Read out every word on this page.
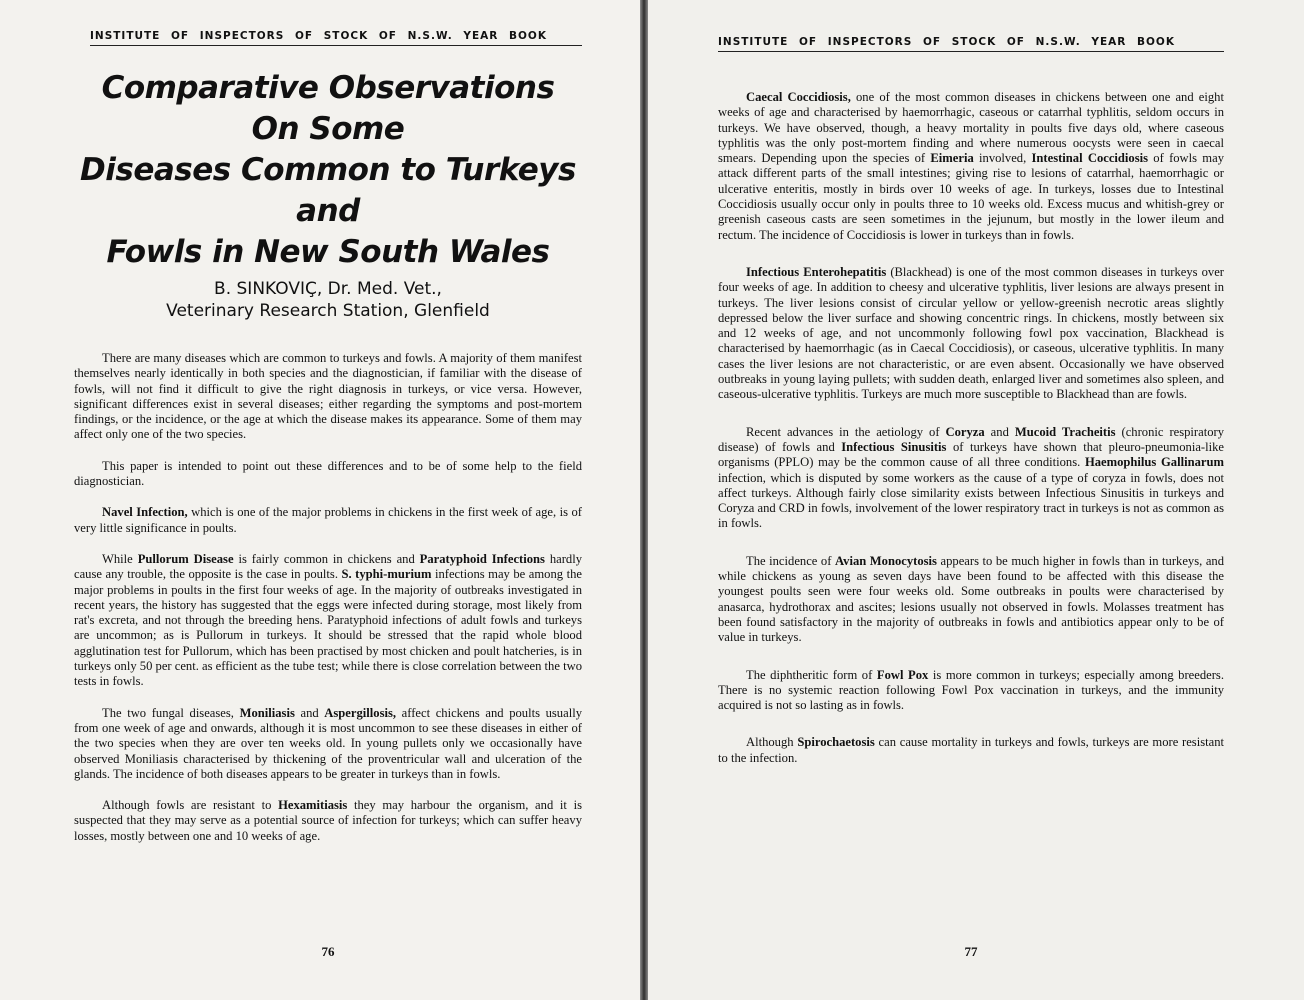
INSTITUTE OF INSPECTORS OF STOCK OF N.S.W. YEAR BOOK
Comparative Observations On Some
Diseases Common to Turkeys and
Fowls in New South Wales
B. SINKOVIÇ, Dr. Med. Vet.,
Veterinary Research Station, Glenfield

There are many diseases which are common to turkeys and fowls. A majority of them manifest themselves nearly identically in both species and the diagnostician, if familiar with the disease of fowls, will not find it difficult to give the right diagnosis in turkeys, or vice versa. However, significant differences exist in several diseases; either regarding the symptoms and post-mortem findings, or the incidence, or the age at which the disease makes its appearance. Some of them may affect only one of the two species.

This paper is intended to point out these differences and to be of some help to the field diagnostician.

Navel Infection, which is one of the major problems in chickens in the first week of age, is of very little significance in poults.

While Pullorum Disease is fairly common in chickens and Paratyphoid Infections hardly cause any trouble, the opposite is the case in poults. S. typhi-murium infections may be among the major problems in poults in the first four weeks of age. In the majority of outbreaks investigated in recent years, the history has suggested that the eggs were infected during storage, most likely from rat's excreta, and not through the breeding hens. Paratyphoid infections of adult fowls and turkeys are uncommon; as is Pullorum in turkeys. It should be stressed that the rapid whole blood agglutination test for Pullorum, which has been practised by most chicken and poult hatcheries, is in turkeys only 50 per cent. as efficient as the tube test; while there is close correlation between the two tests in fowls.

The two fungal diseases, Moniliasis and Aspergillosis, affect chickens and poults usually from one week of age and onwards, although it is most uncommon to see these diseases in either of the two species when they are over ten weeks old. In young pullets only we occasionally have observed Moniliasis characterised by thickening of the proventricular wall and ulceration of the glands. The incidence of both diseases appears to be greater in turkeys than in fowls.

Although fowls are resistant to Hexamitiasis they may harbour the organism, and it is suspected that they may serve as a potential source of infection for turkeys; which can suffer heavy losses, mostly between one and 10 weeks of age.

76
INSTITUTE OF INSPECTORS OF STOCK OF N.S.W. YEAR BOOK

Caecal Coccidiosis, one of the most common diseases in chickens between one and eight weeks of age and characterised by haemorrhagic, caseous or catarrhal typhlitis, seldom occurs in turkeys. We have observed, though, a heavy mortality in poults five days old, where caseous typhlitis was the only post-mortem finding and where numerous oocysts were seen in caecal smears. Depending upon the species of Eimeria involved, Intestinal Coccidiosis of fowls may attack different parts of the small intestines; giving rise to lesions of catarrhal, haemorrhagic or ulcerative enteritis, mostly in birds over 10 weeks of age. In turkeys, losses due to Intestinal Coccidiosis usually occur only in poults three to 10 weeks old. Excess mucus and whitish-grey or greenish caseous casts are seen sometimes in the jejunum, but mostly in the lower ileum and rectum. The incidence of Coccidiosis is lower in turkeys than in fowls.

Infectious Enterohepatitis (Blackhead) is one of the most common diseases in turkeys over four weeks of age. In addition to cheesy and ulcerative typhlitis, liver lesions are always present in turkeys. The liver lesions consist of circular yellow or yellow-greenish necrotic areas slightly depressed below the liver surface and showing concentric rings. In chickens, mostly between six and 12 weeks of age, and not uncommonly following fowl pox vaccination, Blackhead is characterised by haemorrhagic (as in Caecal Coccidiosis), or caseous, ulcerative typhlitis. In many cases the liver lesions are not characteristic, or are even absent. Occasionally we have observed outbreaks in young laying pullets; with sudden death, enlarged liver and sometimes also spleen, and caseous-ulcerative typhlitis. Turkeys are much more susceptible to Blackhead than are fowls.

Recent advances in the aetiology of Coryza and Mucoid Tracheitis (chronic respiratory disease) of fowls and Infectious Sinusitis of turkeys have shown that pleuro-pneumonia-like organisms (PPLO) may be the common cause of all three conditions. Haemophilus Gallinarum infection, which is disputed by some workers as the cause of a type of coryza in fowls, does not affect turkeys. Although fairly close similarity exists between Infectious Sinusitis in turkeys and Coryza and CRD in fowls, involvement of the lower respiratory tract in turkeys is not as common as in fowls.

The incidence of Avian Monocytosis appears to be much higher in fowls than in turkeys, and while chickens as young as seven days have been found to be affected with this disease the youngest poults seen were four weeks old. Some outbreaks in poults were characterised by anasarca, hydrothorax and ascites; lesions usually not observed in fowls. Molasses treatment has been found satisfactory in the majority of outbreaks in fowls and antibiotics appear only to be of value in turkeys.

The diphtheritic form of Fowl Pox is more common in turkeys; especially among breeders. There is no systemic reaction following Fowl Pox vaccination in turkeys, and the immunity acquired is not so lasting as in fowls.

Although Spirochaetosis can cause mortality in turkeys and fowls, turkeys are more resistant to the infection.

77
